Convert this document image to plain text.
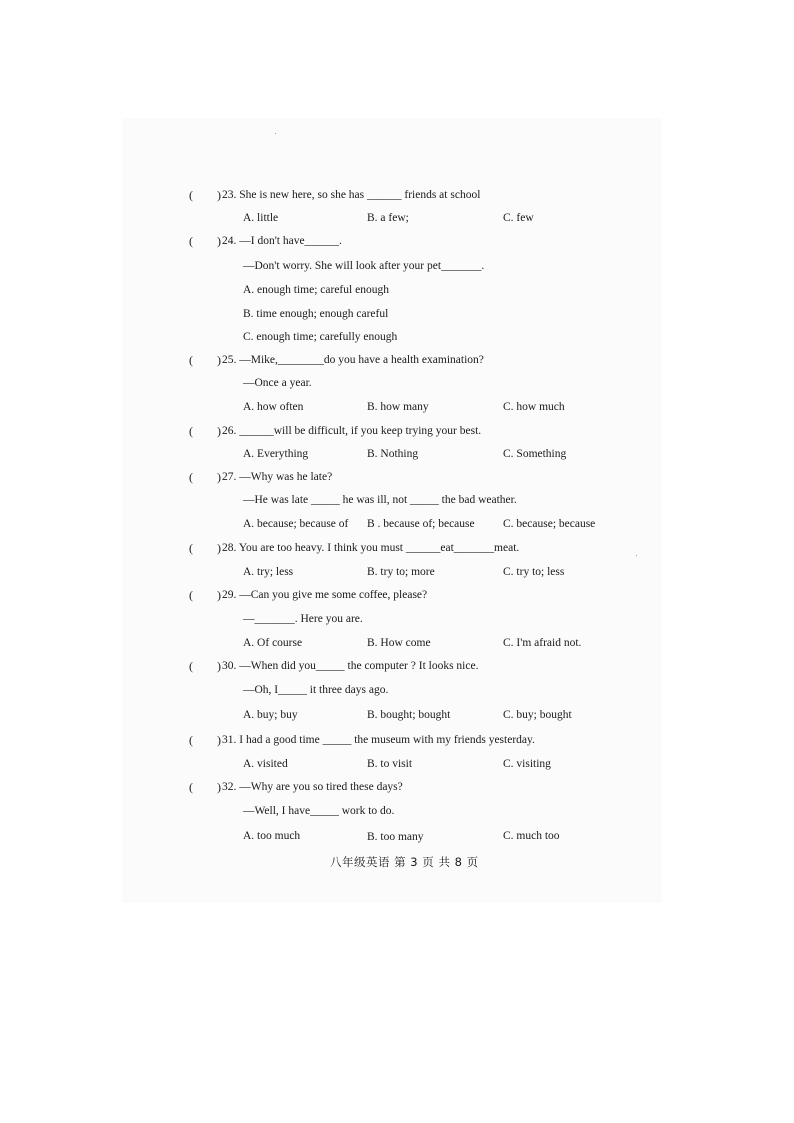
( ) 23. She is new here, so she has ______ friends at school
A. little	B. a few;	C. few
( ) 24. —I don't have______.
—Don't worry. She will look after your pet_______.
A. enough time; careful enough
B. time enough; enough careful
C. enough time; carefully enough
( ) 25. —Mike,________do you have a health examination?
—Once a year.
A. how often	B. how many	C. how much
( ) 26. ______will be difficult, if you keep trying your best.
A. Everything	B. Nothing	C. Something
( ) 27. —Why was he late?
—He was late _____ he was ill, not _____ the bad weather.
A. because; because of B . because of; because C. because; because
( ) 28. You are too heavy. I think you must ______eat_______meat.
A. try; less	B. try to; more	C. try to; less
( ) 29. —Can you give me some coffee, please?
—_______. Here you are.
A. Of course	B. How come	C. I'm afraid not.
( ) 30. —When did you_____ the computer ? It looks nice.
—Oh, I_____ it three days ago.
A. buy; buy	B. bought; bought	C. buy; bought
( ) 31. I had a good time _____ the museum with my friends yesterday.
A. visited	B. to visit	C. visiting
( ) 32. —Why are you so tired these days?
—Well, I have_____ work to do.
A. too much	B. too many	C. much too
八年级英语 第 3 页 共 8 页
